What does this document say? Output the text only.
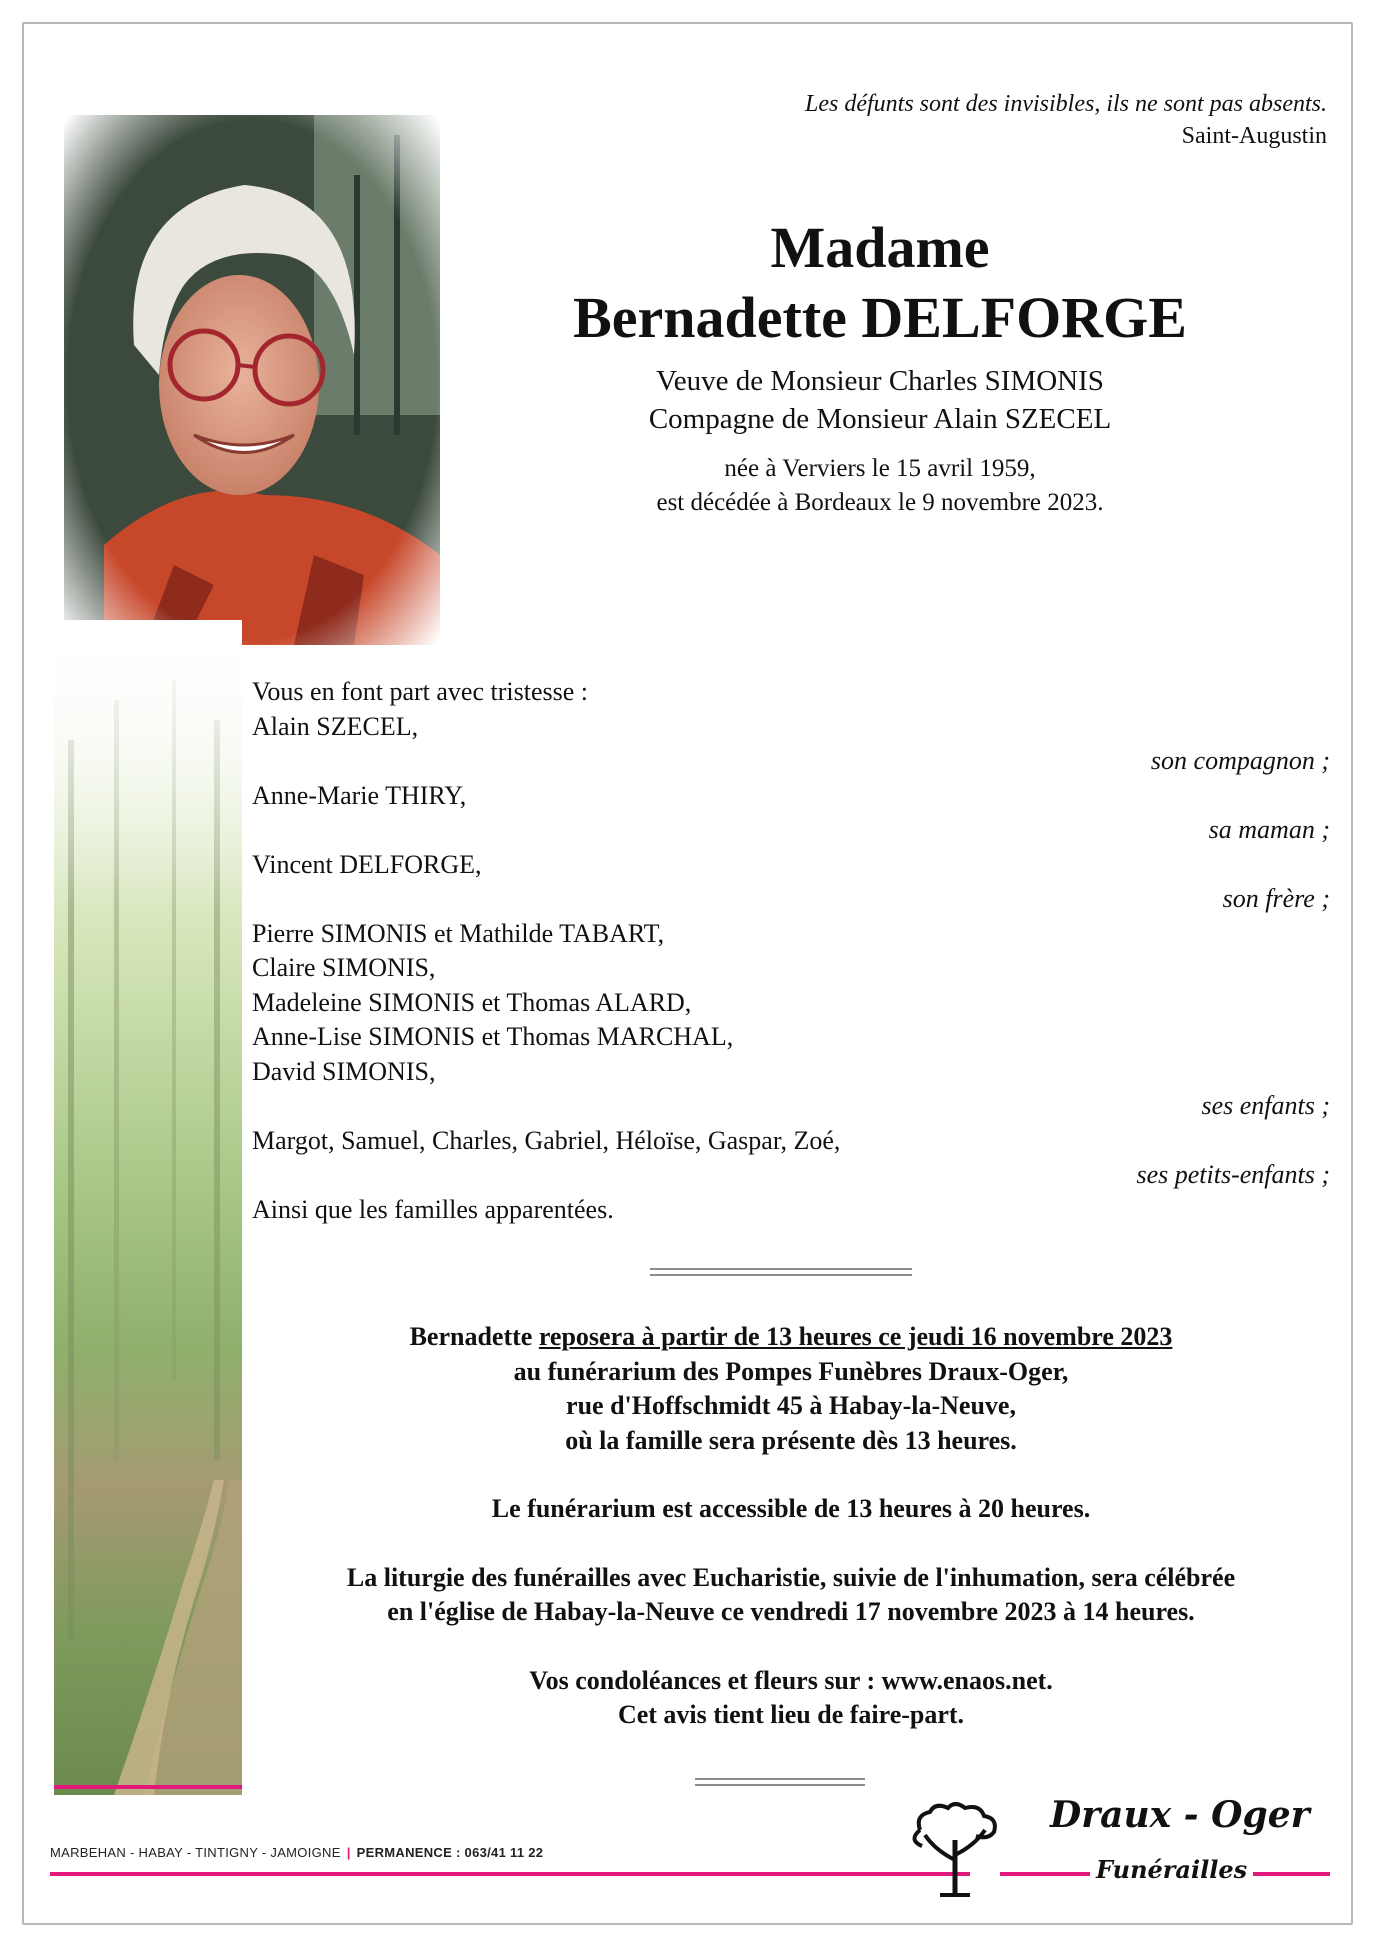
Les défunts sont des invisibles, ils ne sont pas absents.
Saint-Augustin
Madame
Bernadette DELFORGE
Veuve de Monsieur Charles SIMONIS
Compagne de Monsieur Alain SZECEL
née à Verviers le 15 avril 1959,
est décédée à Bordeaux le 9 novembre 2023.
Vous en font part avec tristesse :
Alain SZECEL,
son compagnon ;
Anne-Marie THIRY,
sa maman ;
Vincent DELFORGE,
son frère ;
Pierre SIMONIS et Mathilde TABART,
Claire SIMONIS,
Madeleine SIMONIS et Thomas ALARD,
Anne-Lise SIMONIS et Thomas MARCHAL,
David SIMONIS,
ses enfants ;
Margot, Samuel, Charles, Gabriel, Héloïse, Gaspar, Zoé,
ses petits-enfants ;
Ainsi que les familles apparentées.

Bernadette reposera à partir de 13 heures ce jeudi 16 novembre 2023
au funérarium des Pompes Funèbres Draux-Oger,
rue d'Hoffschmidt 45 à Habay-la-Neuve,
où la famille sera présente dès 13 heures.

Le funérarium est accessible de 13 heures à 20 heures.

La liturgie des funérailles avec Eucharistie, suivie de l'inhumation, sera célébrée
en l'église de Habay-la-Neuve ce vendredi 17 novembre 2023 à 14 heures.

Vos condoléances et fleurs sur : www.enaos.net.
Cet avis tient lieu de faire-part.

MARBEHAN - HABAY - TINTIGNY - JAMOIGNE | PERMANENCE : 063/41 11 22
Draux - Oger
Funérailles
